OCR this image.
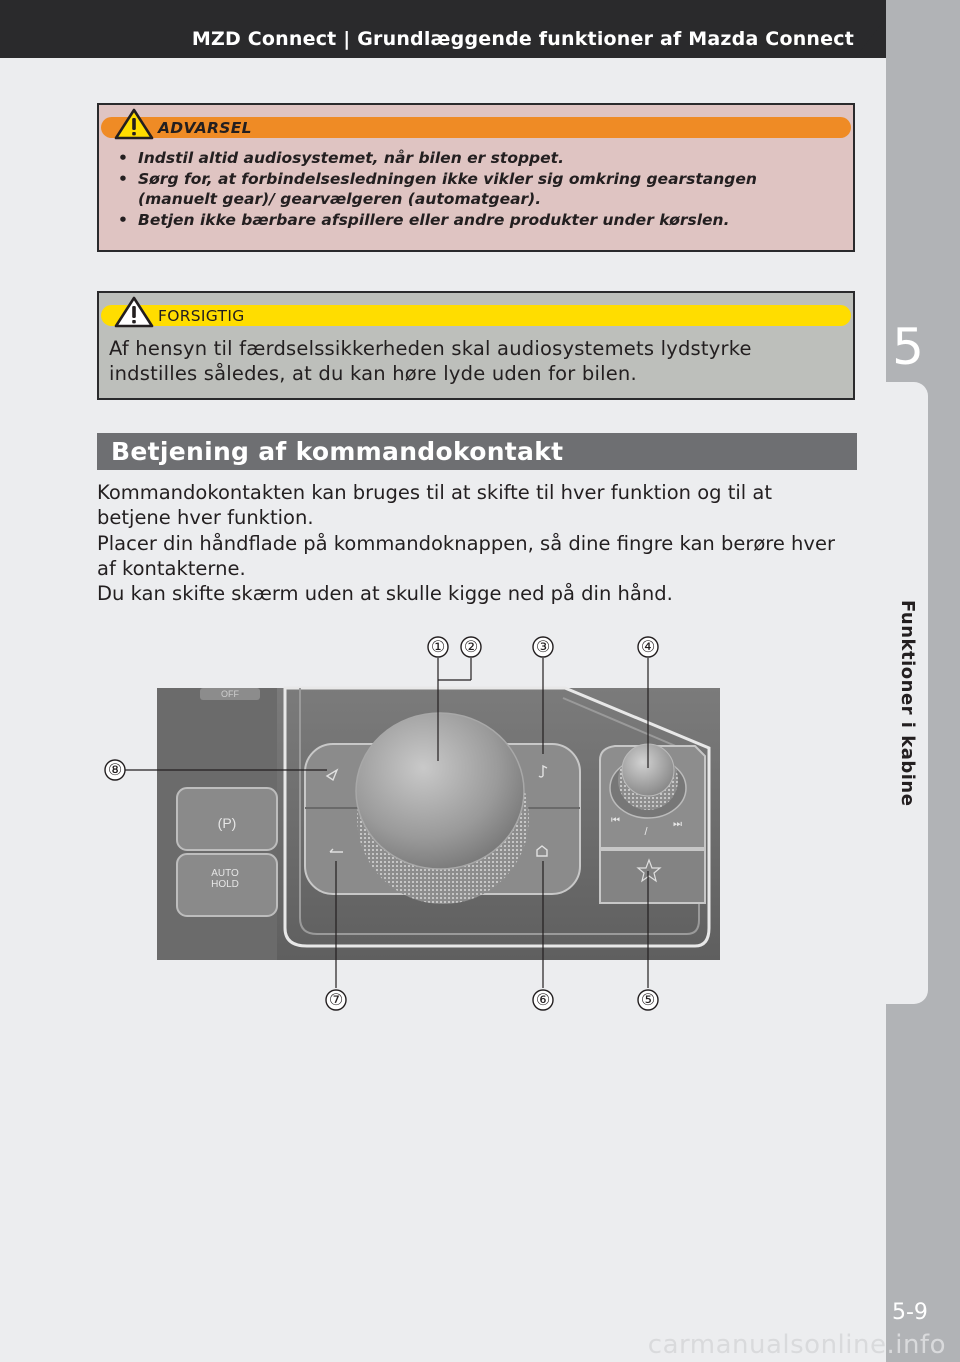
MZD Connect | Grundlæggende funktioner af Mazda Connect
5
Funktioner i kabine
5-9
ADVARSEL
• Indstil altid audiosystemet, når bilen er stoppet.
• Sørg for, at forbindelsesledningen ikke vikler sig omkring gearstangen (manuelt gear)/ gearvælgeren (automatgear).
• Betjen ikke bærbare afspillere eller andre produkter under kørslen.
FORSIGTIG
Af hensyn til færdselssikkerheden skal audiosystemets lydstyrke indstilles således, at du kan høre lyde uden for bilen.
Betjening af kommandokontakt

Kommandokontakten kan bruges til at skifte til hver funktion og til at betjene hver funktion.

Placer din håndflade på kommandoknappen, så dine fingre kan berøre hver af kontakterne.

Du kan skifte skærm uden at skulle kigge ned på din hånd.

OFF
(P)
AUTO
HOLD
⏮	⏭
/
① ②	③	④
⑤
⑥
⑦
⑧
carmanualsonline.info
